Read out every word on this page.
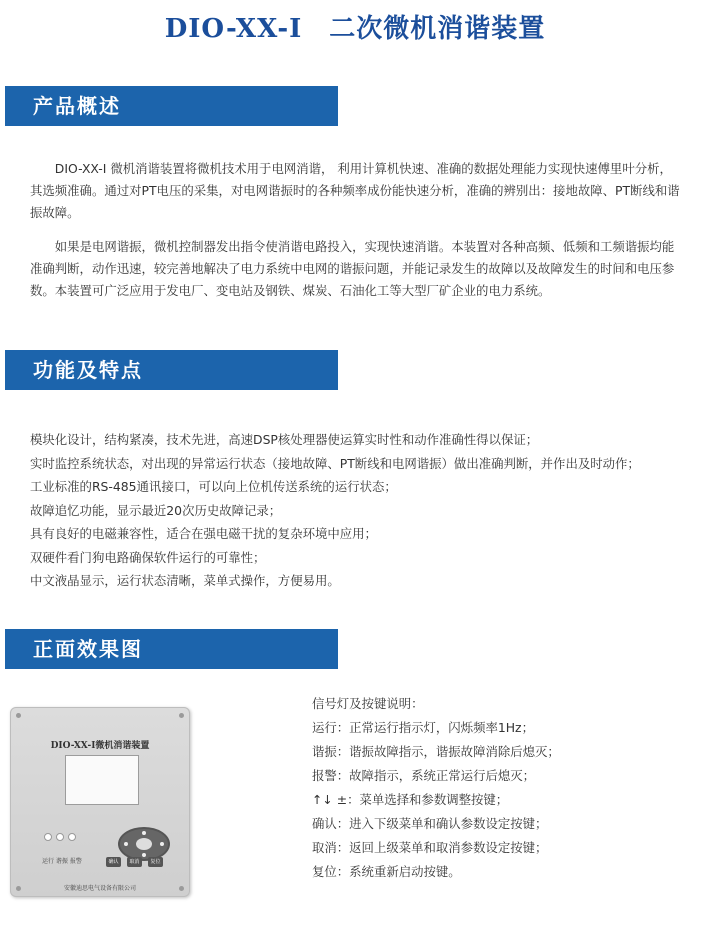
DIO-XX-I　二次微机消谐装置
产品概述

DIO-XX-I 微机消谐装置将微机技术用于电网消谐， 利用计算机快速、准确的数据处理能力实现快速傅里叶分析，其选频准确。通过对PT电压的采集，对电网谐振时的各种频率成份能快速分析，准确的辨别出：接地故障、PT断线和谐振故障。

如果是电网谐振，微机控制器发出指令使消谐电路投入，实现快速消谐。本装置对各种高频、低频和工频谐振均能准确判断，动作迅速，较完善地解决了电力系统中电网的谐振问题，并能记录发生的故障以及故障发生的时间和电压参数。本装置可广泛应用于发电厂、变电站及钢铁、煤炭、石油化工等大型厂矿企业的电力系统。

功能及特点
模块化设计，结构紧凑，技术先进，高速DSP核处理器使运算实时性和动作准确性得以保证；
实时监控系统状态，对出现的异常运行状态（接地故障、PT断线和电网谐振）做出准确判断，并作出及时动作；
工业标准的RS-485通讯接口，可以向上位机传送系统的运行状态；
故障追忆功能，显示最近20次历史故障记录；
具有良好的电磁兼容性，适合在强电磁干扰的复杂环境中应用；
双硬件看门狗电路确保软件运行的可靠性；
中文液晶显示，运行状态清晰，菜单式操作，方便易用。
正面效果图
DIO-XX-I微机消谐装置
运行 谐振 报警	确认	取消	复位
安徽迪思电气设备有限公司
信号灯及按键说明：
运行：正常运行指示灯，闪烁频率1Hz；
谐振：谐振故障指示，谐振故障消除后熄灭；
报警：故障指示，系统正常运行后熄灭；
↑↓ ±：菜单选择和参数调整按键；
确认：进入下级菜单和确认参数设定按键；
取消：返回上级菜单和取消参数设定按键；
复位：系统重新启动按键。
